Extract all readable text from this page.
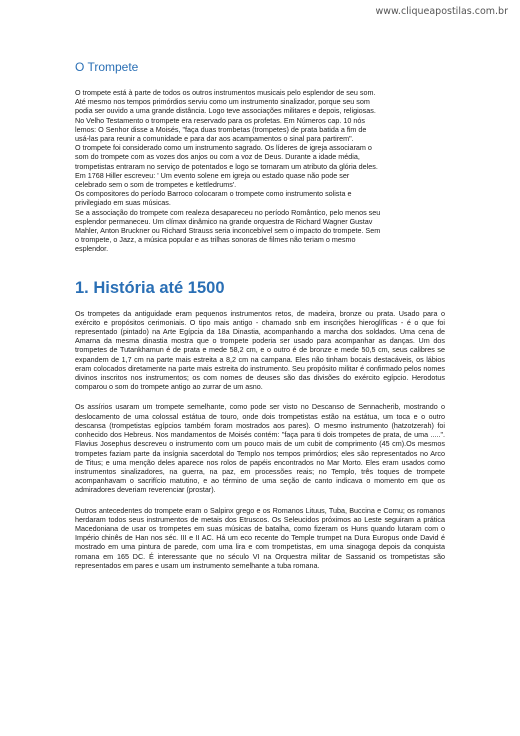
www.cliqueapostilas.com.br
O Trompete
O trompete está à parte de todos os outros instrumentos musicais pelo esplendor de seu som.
Até mesmo nos tempos primórdios serviu como um instrumento sinalizador, porque seu som
podia ser ouvido a uma grande distância. Logo teve associações militares e depois, religiosas.
No Velho Testamento o trompete era reservado para os profetas. Em Números cap. 10 nós
lemos: O Senhor disse a Moisés, "faça duas trombetas (trompetes) de prata batida a fim de
usá-las para reunir a comunidade e para dar aos acampamentos o sinal para partirem".
O trompete foi considerado como um instrumento sagrado. Os líderes de igreja associaram o
som do trompete com as vozes dos anjos ou com a voz de Deus. Durante a idade média,
trompetistas entraram no serviço de potentados e logo se tornaram um atributo da glória deles.
Em 1768 Hiller escreveu: ' Um evento solene em igreja ou estado quase não pode ser
celebrado sem o som de trompetes e kettledrums'.
Os compositores do período Barroco colocaram o trompete como instrumento solista e
privilegiado em suas músicas.
Se a associação do trompete com realeza desapareceu no período Romântico, pelo menos seu
esplendor permaneceu. Um clímax dinâmico na grande orquestra de Richard Wagner Gustav
Mahler, Anton Bruckner ou Richard Strauss seria inconcebível sem o impacto do trompete. Sem
o trompete, o Jazz, a música popular e as trilhas sonoras de filmes não teriam o mesmo
esplendor.
1. História até 1500

Os trompetes da antiguidade eram pequenos instrumentos retos, de madeira, bronze ou prata. Usado para o exército e propósitos cerimoniais. O tipo mais antigo - chamado snb em inscrições hieroglíficas - é o que foi representado (pintado) na Arte Egípcia da 18a Dinastia, acompanhando a marcha dos soldados. Uma cena de Amarna da mesma dinastia mostra que o trompete poderia ser usado para acompanhar as danças. Um dos trompetes de Tutankhamun é de prata e mede 58,2 cm, e o outro é de bronze e mede 50,5 cm, seus calibres se expandem de 1,7 cm na parte mais estreita a 8,2 cm na campana. Eles não tinham bocais destacáveis, os lábios eram colocados diretamente na parte mais estreita do instrumento. Seu propósito militar é confirmado pelos nomes divinos inscritos nos instrumentos; os com nomes de deuses são das divisões do exército egípcio. Herodotus comparou o som do trompete antigo ao zurrar de um asno.

Os assírios usaram um trompete semelhante, como pode ser visto no Descanso de Sennacherib, mostrando o deslocamento de uma colossal estátua de touro, onde dois trompetistas estão na estátua, um toca e o outro descansa (trompetistas egípcios também foram mostrados aos pares). O mesmo instrumento (hatzotzerah) foi conhecido dos Hebreus. Nos mandamentos de Moisés contém: "faça para ti dois trompetes de prata, de uma .....". Flavius Josephus descreveu o instrumento com um pouco mais de um cubit de comprimento (45 cm).Os mesmos trompetes faziam parte da insígnia sacerdotal do Templo nos tempos primórdios; eles são representados no Arco de Titus; e uma menção deles aparece nos rolos de papéis encontrados no Mar Morto. Eles eram usados como instrumentos sinalizadores, na guerra, na paz, em processões reais; no Templo, três toques de trompete acompanhavam o sacrifício matutino, e ao término de uma seção de canto indicava o momento em que os admiradores deveriam reverenciar (prostar).

Outros antecedentes do trompete eram o Salpinx grego e os Romanos Lituus, Tuba, Buccina e Cornu; os romanos herdaram todos seus instrumentos de metais dos Etruscos. Os Seleucidos próximos ao Leste seguiram a prática Macedoniana de usar os trompetes em suas músicas de batalha, como fizeram os Huns quando lutaram com o Império chinês de Han nos séc. III e II AC. Há um eco recente do Temple trumpet na Dura Europus onde David é mostrado em uma pintura de parede, com uma lira e com trompetistas, em uma sinagoga depois da conquista romana em 165 DC. É interessante que no século VI na Orquestra militar de Sassanid os trompetistas são representados em pares e usam um instrumento semelhante a tuba romana.
